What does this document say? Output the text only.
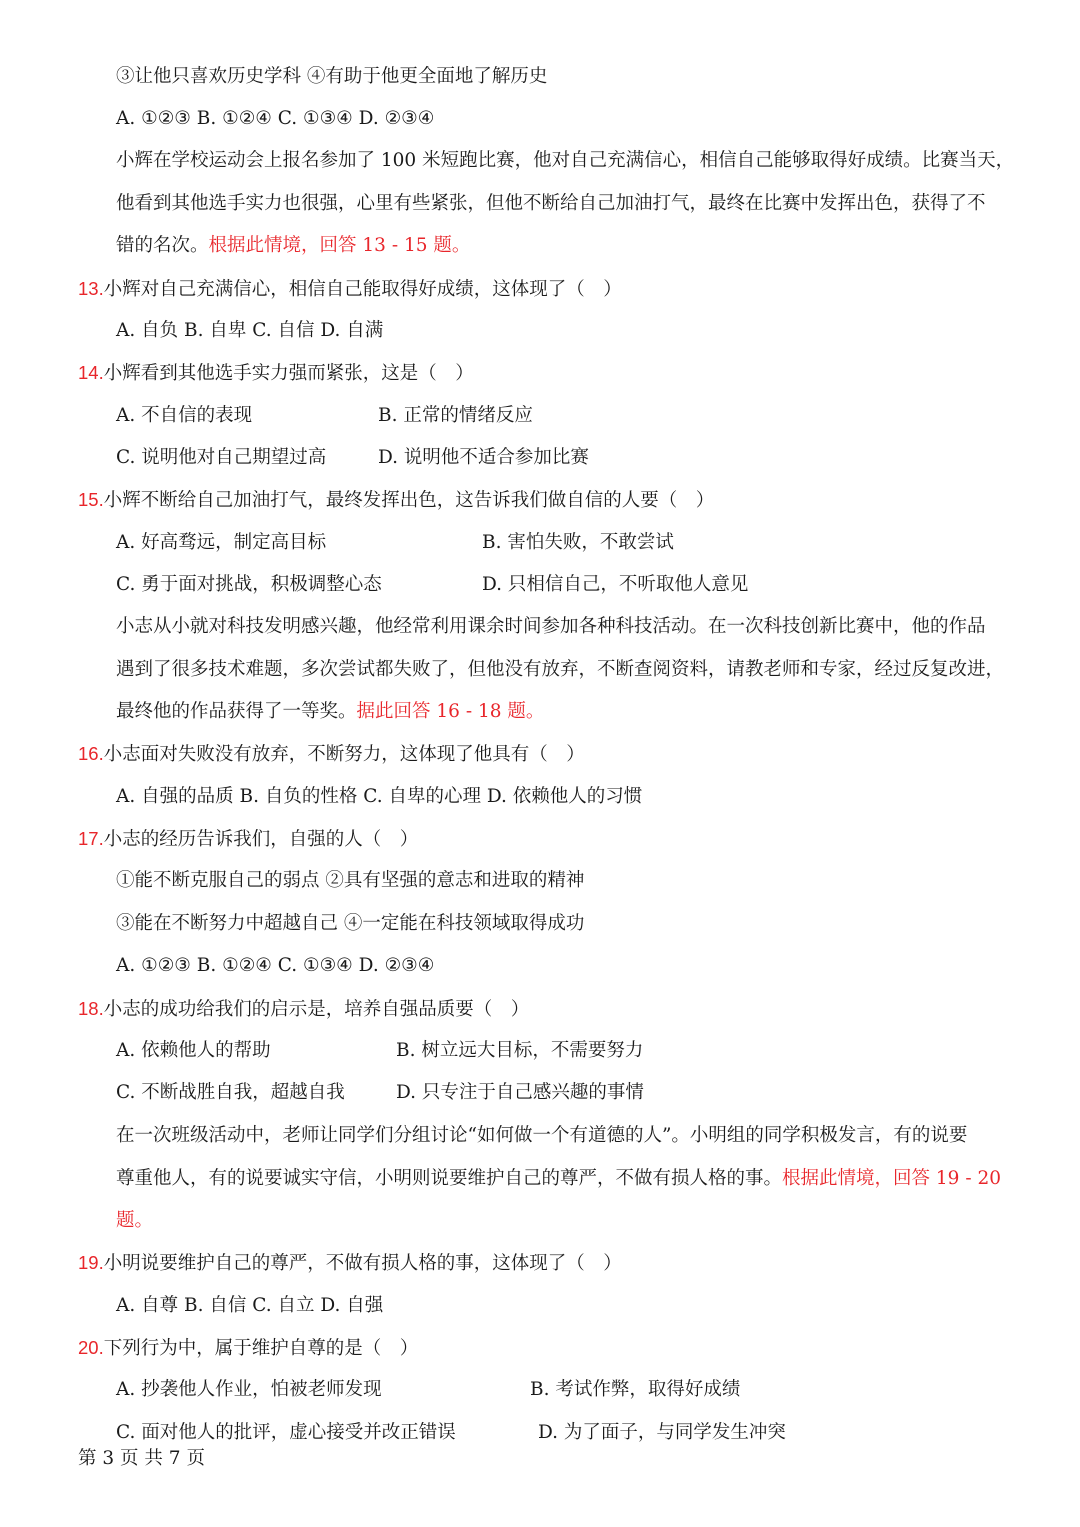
③让他只喜欢历史学科 ④有助于他更全面地了解历史
A. ①②③ B. ①②④ C. ①③④ D. ②③④
小辉在学校运动会上报名参加了 100 米短跑比赛，他对自己充满信心，相信自己能够取得好成绩。比赛当天，
他看到其他选手实力也很强，心里有些紧张，但他不断给自己加油打气，最终在比赛中发挥出色，获得了不
错的名次。根据此情境，回答 13 - 15 题。
13.小辉对自己充满信心，相信自己能取得好成绩，这体现了（　）
A. 自负 B. 自卑 C. 自信 D. 自满
14.小辉看到其他选手实力强而紧张，这是（　）
A. 不自信的表现	B. 正常的情绪反应
C. 说明他对自己期望过高	D. 说明他不适合参加比赛
15.小辉不断给自己加油打气，最终发挥出色，这告诉我们做自信的人要（　）
A. 好高骛远，制定高目标	B. 害怕失败，不敢尝试
C. 勇于面对挑战，积极调整心态	D. 只相信自己，不听取他人意见
小志从小就对科技发明感兴趣，他经常利用课余时间参加各种科技活动。在一次科技创新比赛中，他的作品
遇到了很多技术难题，多次尝试都失败了，但他没有放弃，不断查阅资料，请教老师和专家，经过反复改进，
最终他的作品获得了一等奖。据此回答 16 - 18 题。
16.小志面对失败没有放弃，不断努力，这体现了他具有（　）
A. 自强的品质 B. 自负的性格 C. 自卑的心理 D. 依赖他人的习惯
17.小志的经历告诉我们，自强的人（　）
①能不断克服自己的弱点 ②具有坚强的意志和进取的精神
③能在不断努力中超越自己 ④一定能在科技领域取得成功
A. ①②③ B. ①②④ C. ①③④ D. ②③④
18.小志的成功给我们的启示是，培养自强品质要（　）
A. 依赖他人的帮助	B. 树立远大目标，不需要努力
C. 不断战胜自我，超越自我	D. 只专注于自己感兴趣的事情
在一次班级活动中，老师让同学们分组讨论“如何做一个有道德的人”。小明组的同学积极发言，有的说要
尊重他人，有的说要诚实守信，小明则说要维护自己的尊严，不做有损人格的事。根据此情境，回答 19 - 20
题。
19.小明说要维护自己的尊严，不做有损人格的事，这体现了（　）
A. 自尊 B. 自信 C. 自立 D. 自强
20.下列行为中，属于维护自尊的是（　）
A. 抄袭他人作业，怕被老师发现	B. 考试作弊，取得好成绩
C. 面对他人的批评，虚心接受并改正错误	D. 为了面子，与同学发生冲突
第 3 页 共 7 页
